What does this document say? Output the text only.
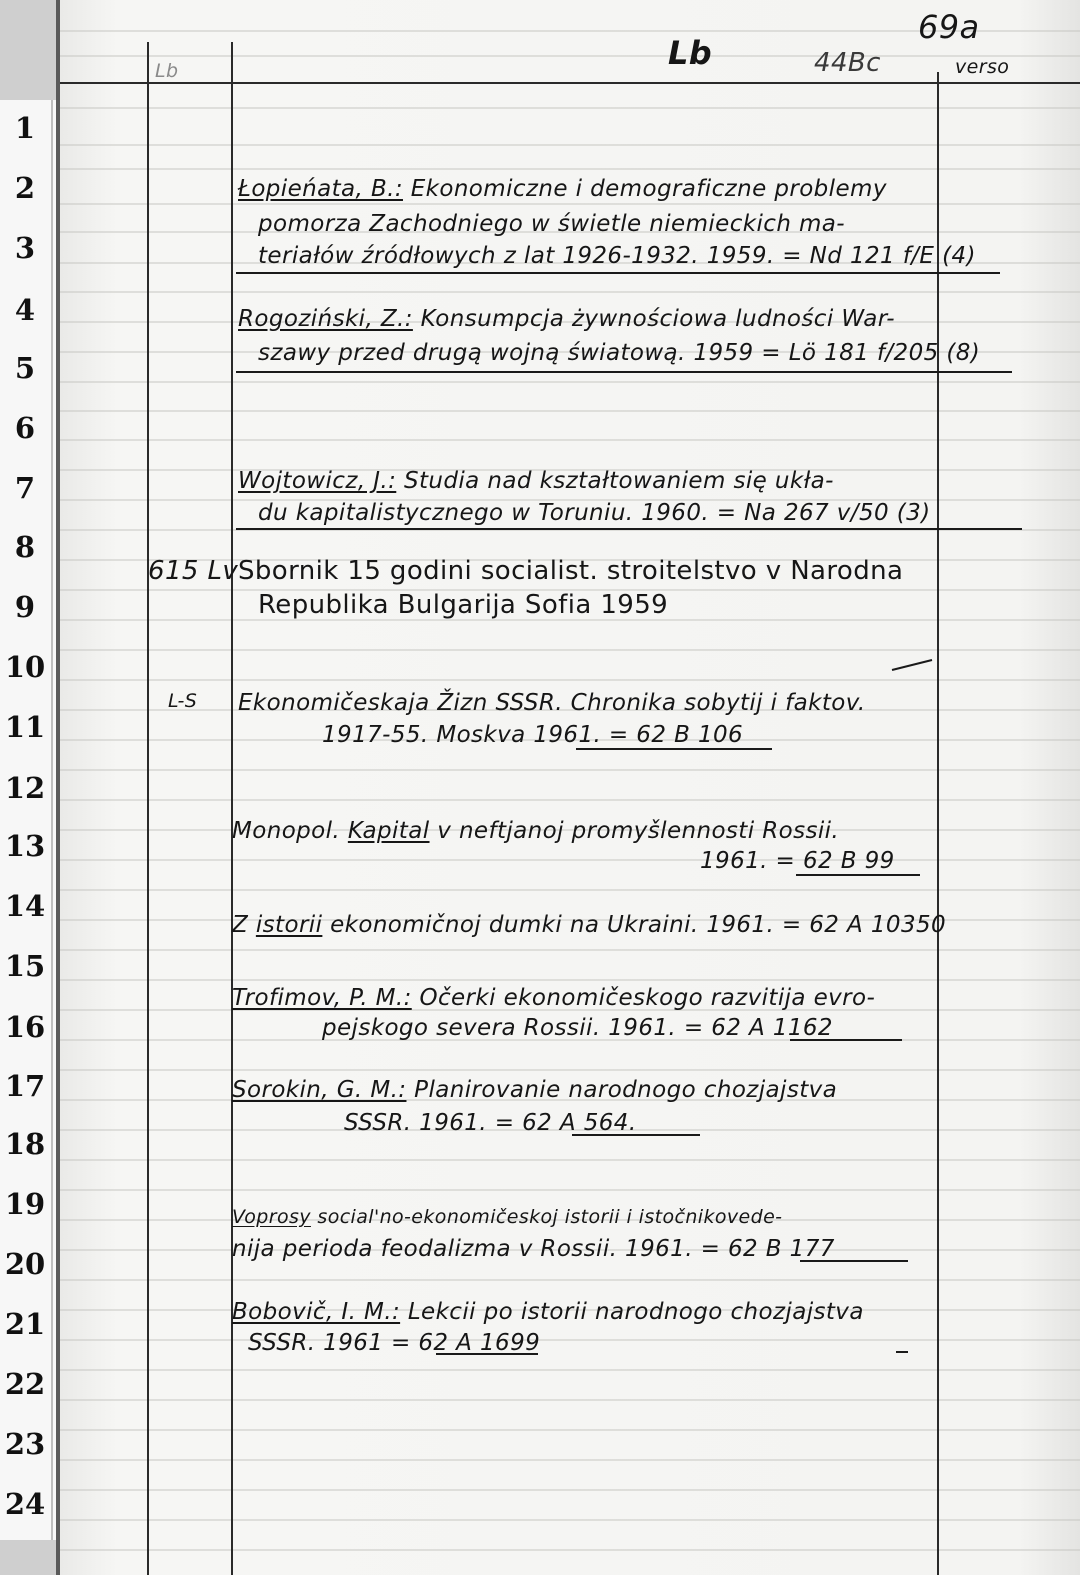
1
2
3
4
5
6
7
8
9
10
11
12
13
14
15
16
17
18
19
20
21
22
23
24
Lb	Lb	44Bc
69a
verso
Łopieńata, B.: Ekonomiczne i demograficzne problemy
pomorza Zachodniego w świetle niemieckich ma-
teriałów źródłowych z lat 1926-1932. 1959. = Nd 121 f/E (4)
Rogoziński, Z.: Konsumpcja żywnościowa ludności War-
szawy przed drugą wojną światową. 1959 = Lö 181 f/205 (8)
Wojtowicz, J.: Studia nad kształtowaniem się ukła-
du kapitalistycznego w Toruniu. 1960. = Na 267 v/50 (3)
615 Lv Sbornik 15 godini socialist. stroitelstvo v Narodna
Republika Bulgarija Sofia 1959
L-S Ekonomičeskaja Žizn SSSR. Chronika sobytij i faktov.
1917-55. Moskva 1961. = 62 B 106
Monopol. Kapital v neftjanoj promyšlennosti Rossii.
1961. = 62 B 99
Z istorii ekonomičnoj dumki na Ukraini. 1961. = 62 A 10350
Trofimov, P. M.: Očerki ekonomičeskogo razvitija evro-
pejskogo severa Rossii. 1961. = 62 A 1162
Sorokin, G. M.: Planirovanie narodnogo chozjajstva
SSSR. 1961. = 62 A 564.
Voprosy social'no-ekonomičeskoj istorii i istočnikovede-
nija perioda feodalizma v Rossii. 1961. = 62 B 177
Bobovič, I. M.: Lekcii po istorii narodnogo chozjajstva
SSSR. 1961 = 62 A 1699
